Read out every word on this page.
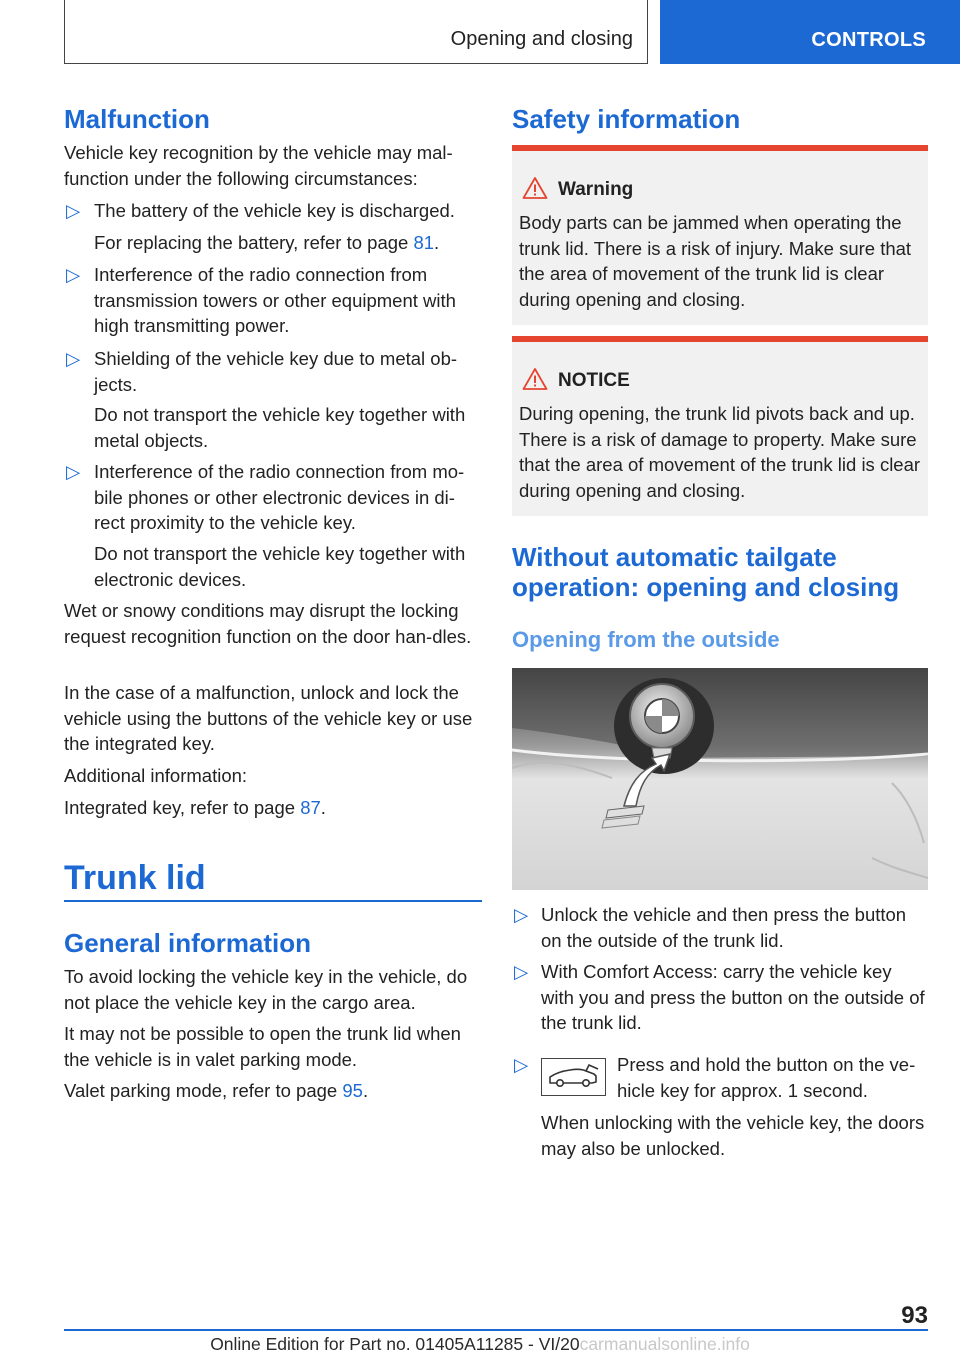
Opening and closing	CONTROLS
Malfunction

Vehicle key recognition by the vehicle may mal-function under the following circumstances:

▷ The battery of the vehicle key is discharged.

For replacing the battery, refer to page 81.

▷ Interference of the radio connection from transmission towers or other equipment with high transmitting power.

▷ Shielding of the vehicle key due to metal ob-jects.

Do not transport the vehicle key together with metal objects.

▷ Interference of the radio connection from mo-bile phones or other electronic devices in di-rect proximity to the vehicle key.

Do not transport the vehicle key together with electronic devices.

Wet or snowy conditions may disrupt the locking request recognition function on the door han-dles.

In the case of a malfunction, unlock and lock the vehicle using the buttons of the vehicle key or use the integrated key.

Additional information:

Integrated key, refer to page 87.

Trunk lid
General information

To avoid locking the vehicle key in the vehicle, do not place the vehicle key in the cargo area.

It may not be possible to open the trunk lid when the vehicle is in valet parking mode.

Valet parking mode, refer to page 95.

Safety information
Warning

Body parts can be jammed when operating the trunk lid. There is a risk of injury. Make sure that the area of movement of the trunk lid is clear during opening and closing.

NOTICE

During opening, the trunk lid pivots back and up. There is a risk of damage to property. Make sure that the area of movement of the trunk lid is clear during opening and closing.

Without automatic tailgate operation: opening and closing
Opening from the outside
▷ Unlock the vehicle and then press the button on the outside of the trunk lid.

▷ With Comfort Access: carry the vehicle key with you and press the button on the outside of the trunk lid.

▷	Press and hold the button on the ve-hicle key for approx. 1 second.

When unlocking with the vehicle key, the doors may also be unlocked.

93
Online Edition for Part no. 01405A11285 - VI/20carmanualsonline.info
